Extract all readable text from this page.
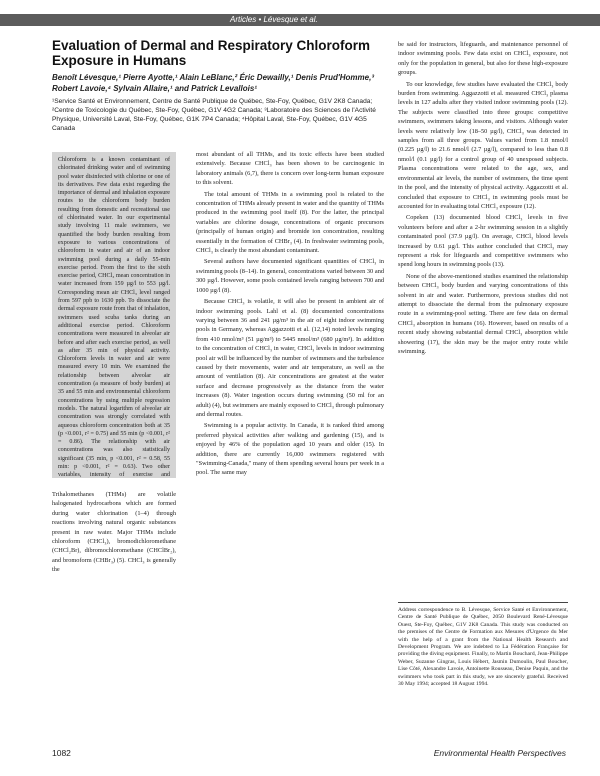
Articles • Lévesque et al.
Evaluation of Dermal and Respiratory Chloroform Exposure in Humans

Benoît Lévesque,¹ Pierre Ayotte,¹ Alain LeBlanc,² Éric Dewailly,¹ Denis Prud'Homme,³ Robert Lavoie,⁴ Sylvain Allaire,¹ and Patrick Levallois¹

¹Service Santé et Environnement, Centre de Santé Publique de Québec, Ste-Foy, Québec, G1V 2K8 Canada; ²Centre de Toxicologie du Québec, Ste-Foy, Québec, G1V 4G2 Canada; ³Laboratoire des Sciences de l'Activité Physique, Université Laval, Ste-Foy, Québec, G1K 7P4 Canada; ⁴Hôpital Laval, Ste-Foy, Québec, G1V 4G5 Canada

Chloroform is a known contaminant of chlorinated drinking water and of swimming pool water disinfected with chlorine or one of its derivatives. Few data exist regarding the importance of dermal and inhalation exposure routes to the chloroform body burden resulting from domestic and recreational use of chlorinated water. In our experimental study involving 11 male swimmers, we quantified the body burden resulting from exposure to various concentrations of chloroform in water and air of an indoor swimming pool during a daily 55-min exercise period. From the first to the sixth exercise period, CHCl₃ mean concentration in water increased from 159 µg/l to 553 µg/l. Corresponding mean air CHCl₃ level ranged from 597 ppb to 1630 ppb. To dissociate the dermal exposure route from that of inhalation, swimmers used scuba tanks during an additional exercise period. Chloroform concentrations were measured in alveolar air before and after each exercise period, as well as after 35 min of physical activity. Chloroform levels in water and air were measured every 10 min. We examined the relationship between alveolar air concentration (a measure of body burden) at 35 and 55 min and environmental chloroform concentrations by using multiple regression models. The natural logarithm of alveolar air concentration was strongly correlated with aqueous chloroform concentration both at 35 (p <0.001, r² = 0.75) and 55 min (p <0.001, r² = 0.86). The relationship with air concentrations was also statistically significant (35 min, p <0.001, r² = 0.58, 55 min: p <0.001, r² = 0.63). Two other variables, intensity of exercise and

Trihalomethanes (THMs) are volatile halogenated hydrocarbons which are formed during water chlorination (1–4) through reactions involving natural organic substances present in raw water. Major THMs include chloroform (CHCl₃), bromodichloromethane (CHCl₂Br), dibromochloromethane (CHClBr₂), and bromoform (CHBr₃) (5). CHCl₃ is generally the

most abundant of all THMs, and its toxic effects have been studied extensively. Because CHCl₃ has been shown to be carcinogenic in laboratory animals (6,7), there is concern over long-term human exposure to this solvent.

The total amount of THMs in a swimming pool is related to the concentration of THMs already present in water and the quantity of THMs produced in the swimming pool itself (8). For the latter, the principal variables are chlorine dosage, concentrations of organic precursors (principally of human origin) and bromide ion concentration, resulting essentially in the formation of CHBr₃ (4). In freshwater swimming pools, CHCl₃ is clearly the most abundant contaminant.

Several authors have documented significant quantities of CHCl₃ in swimming pools (8–14). In general, concentrations varied between 30 and 300 µg/l. However, some pools contained levels ranging between 700 and 1000 µg/l (8).

Because CHCl₃ is volatile, it will also be present in ambient air of indoor swimming pools. Lahl et al. (8) documented concentrations varying between 36 and 241 µg/m³ in the air of eight indoor swimming pools in Germany, whereas Aggazzotti et al. (12,14) noted levels ranging from 410 nmol/m³ (51 µg/m³) to 5445 nmol/m³ (680 µg/m³). In addition to the concentration of CHCl₃ in water, CHCl₃ levels in indoor swimming pool air will be influenced by the number of swimmers and the turbulence caused by their movements, water and air temperature, as well as the amount of ventilation (8). Air concentrations are greatest at the water surface and decrease progressively as the distance from the water increases (8). Water ingestion occurs during swimming (50 ml for an adult) (4), but swimmers are mainly exposed to CHCl₃ through pulmonary and dermal routes.

Swimming is a popular activity. In Canada, it is ranked third among preferred physical activities after walking and gardening (15), and is enjoyed by 46% of the population aged 10 years and older (15). In addition, there are currently 16,000 swimmers registered with "Swimming-Canada," many of them spending several hours per week in a pool. The same may

be said for instructors, lifeguards, and maintenance personnel of indoor swimming pools. Few data exist on CHCl₃ exposure, not only for the population in general, but also for these high-exposure groups.

To our knowledge, few studies have evaluated the CHCl₃ body burden from swimming. Aggazzotti et al. measured CHCl₃ plasma levels in 127 adults after they visited indoor swimming pools (12). The subjects were classified into three groups: competitive swimmers, swimmers taking lessons, and visitors. Although water levels were relatively low (18–50 µg/l), CHCl₃ was detected in samples from all three groups. Values varied from 1.8 nmol/l (0.225 µg/l) to 21.6 nmol/l (2.7 µg/l), compared to less than 0.8 nmol/l (0.1 µg/l) for a control group of 40 unexposed subjects. Plasma concentrations were related to the age, sex, and environmental air levels, the number of swimmers, the time spent in the pool, and the intensity of physical activity. Aggazzotti et al. concluded that exposure to CHCl₃ in swimming pools must be accounted for in evaluating total CHCl₃ exposure (12).

Copeken (13) documented blood CHCl₃ levels in five volunteers before and after a 2-hr swimming session in a slightly contaminated pool (37.9 µg/l). On average, CHCl₃ blood levels increased by 0.61 µg/l. This author concluded that CHCl₃ may represent a risk for lifeguards and competitive swimmers who spend long hours in swimming pools (13).

None of the above-mentioned studies examined the relationship between CHCl₃ body burden and varying concentrations of this solvent in air and water. Furthermore, previous studies did not attempt to dissociate the dermal from the pulmonary exposure route in a swimming-pool setting. There are few data on dermal CHCl₃ absorption in humans (16). However, based on results of a recent study showing substantial dermal CHCl₃ absorption while showering (17), the skin may be the major entry route while swimming.

Address correspondence to B. Lévesque, Service Santé et Environnement, Centre de Santé Publique de Québec, 2050 Boulevard René-Lévesque Ouest, Ste-Foy, Québec, G1V 2K8 Canada. This study was conducted on the premises of the Centre de Formation aux Mesures d'Urgence du Mer with the help of a grant from the National Health Research and Development Program. We are indebted to La Fédération Française for providing the diving equipment. Finally, to Martin Bouchard, Jean-Philippe Weber, Suzanne Gingras, Louis Hébert, Jasmin Dumoulin, Paul Boucher, Lise Côté, Alexandre Lavoie, Antoinette Rousseau, Denise Paquin, and the swimmers who took part in this study, we are sincerely grateful. Received 30 May 1994; accepted 18 August 1994.

1082	Environmental Health Perspectives
